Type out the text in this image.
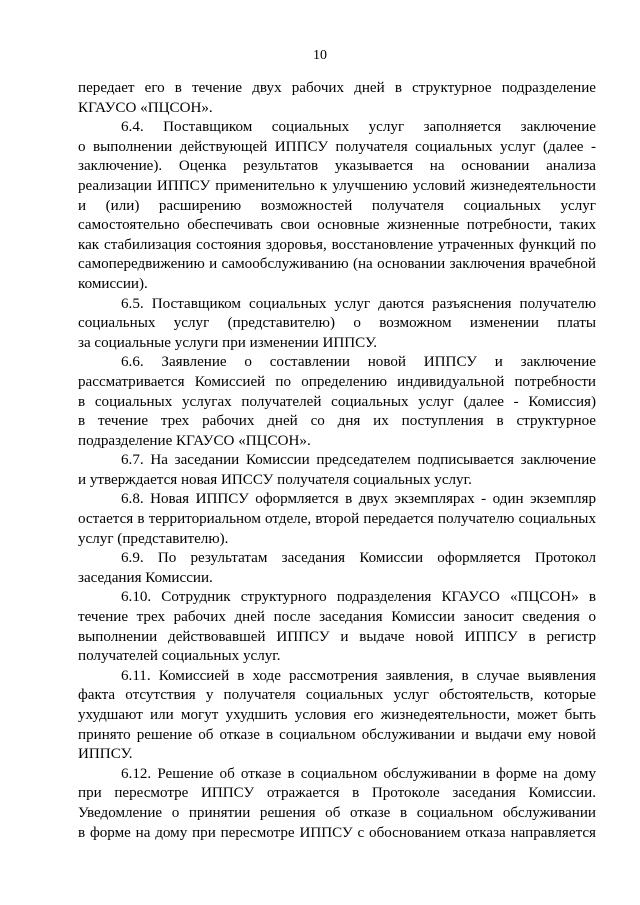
10

передает его в течение двух рабочих дней в структурное подразделение
КГАУСО «ПЦСОН».

6.4. Поставщиком социальных услуг заполняется заключение
о выполнении действующей ИППСУ получателя социальных услуг (далее -
заключение). Оценка результатов указывается на основании анализа
реализации ИППСУ применительно к улучшению условий жизнедеятельности
и (или) расширению возможностей получателя социальных услуг
самостоятельно обеспечивать свои основные жизненные потребности, таких
как стабилизация состояния здоровья, восстановление утраченных функций по
самопередвижению и самообслуживанию (на основании заключения врачебной
комиссии).

6.5. Поставщиком социальных услуг даются разъяснения получателю
социальных услуг (представителю) о возможном изменении платы
за социальные услуги при изменении ИППСУ.

6.6. Заявление о составлении новой ИППСУ и заключение
рассматривается Комиссией по определению индивидуальной потребности
в социальных услугах получателей социальных услуг (далее - Комиссия)
в течение трех рабочих дней со дня их поступления в структурное
подразделение КГАУСО «ПЦСОН».

6.7. На заседании Комиссии председателем подписывается заключение
и утверждается новая ИПССУ получателя социальных услуг.

6.8. Новая ИППСУ оформляется в двух экземплярах - один экземпляр
остается в территориальном отделе, второй передается получателю социальных
услуг (представителю).

6.9. По результатам заседания Комиссии оформляется Протокол
заседания Комиссии.

6.10. Сотрудник структурного подразделения КГАУСО «ПЦСОН» в
течение трех рабочих дней после заседания Комиссии заносит сведения о
выполнении действовавшей ИППСУ и выдаче новой ИППСУ в регистр
получателей социальных услуг.

6.11. Комиссией в ходе рассмотрения заявления, в случае выявления
факта отсутствия у получателя социальных услуг обстоятельств, которые
ухудшают или могут ухудшить условия его жизнедеятельности, может быть
принято решение об отказе в социальном обслуживании и выдачи ему новой
ИППСУ.

6.12. Решение об отказе в социальном обслуживании в форме на дому
при пересмотре ИППСУ отражается в Протоколе заседания Комиссии.
Уведомление о принятии решения об отказе в социальном обслуживании
в форме на дому при пересмотре ИППСУ с обоснованием отказа направляется
